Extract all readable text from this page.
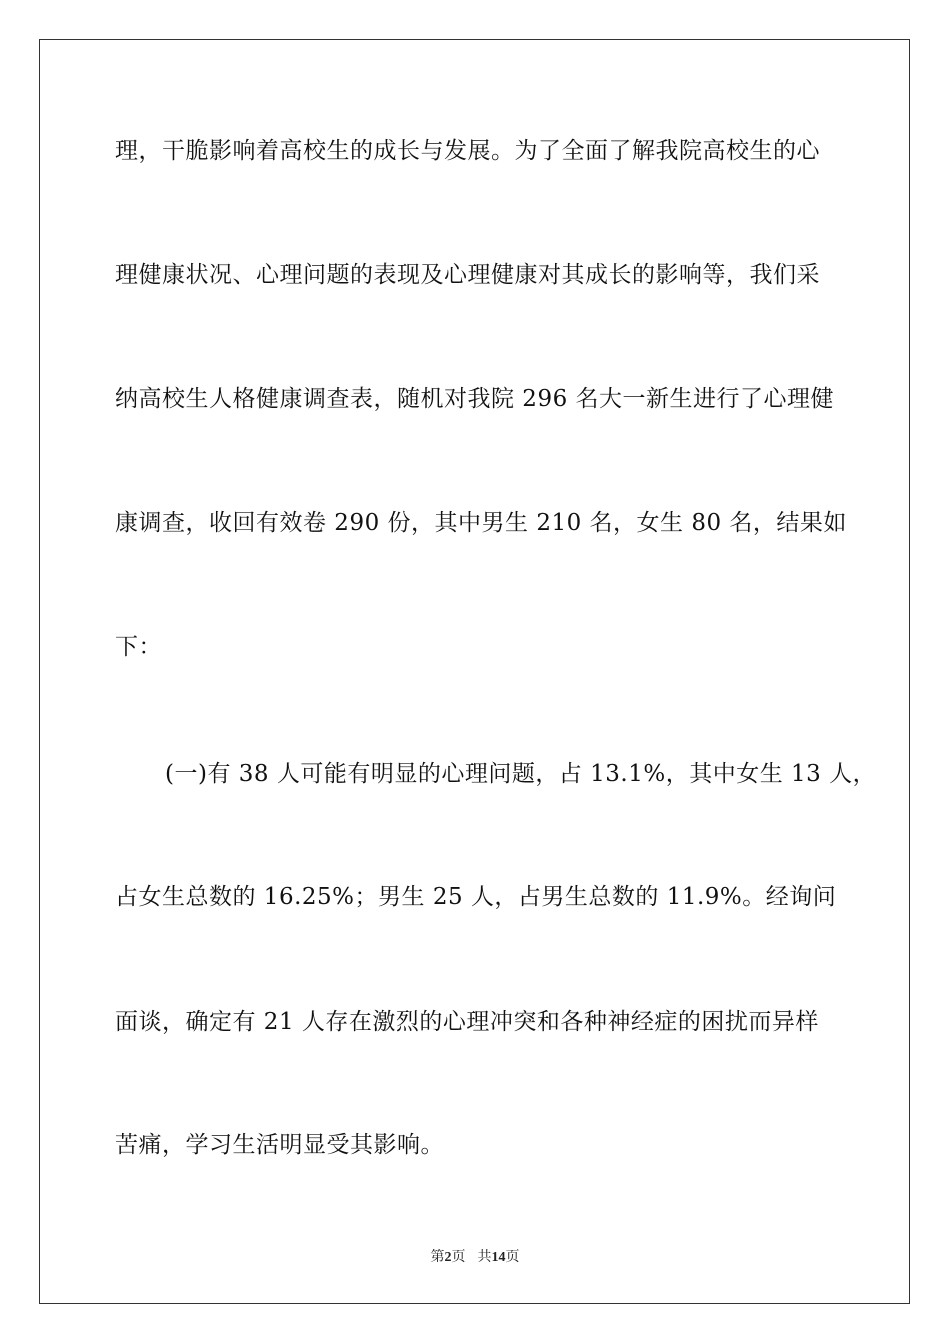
理，干脆影响着高校生的成长与发展。为了全面了解我院高校生的心
理健康状况、心理问题的表现及心理健康对其成长的影响等，我们采
纳高校生人格健康调查表，随机对我院 296 名大一新生进行了心理健
康调查，收回有效卷 290 份，其中男生 210 名，女生 80 名，结果如
下：
(一)有 38 人可能有明显的心理问题，占 13.1%，其中女生 13 人，
占女生总数的 16.25%；男生 25 人，占男生总数的 11.9%。经询问
面谈，确定有 21 人存在激烈的心理冲突和各种神经症的困扰而异样
苦痛，学习生活明显受其影响。
第2页 共14页
